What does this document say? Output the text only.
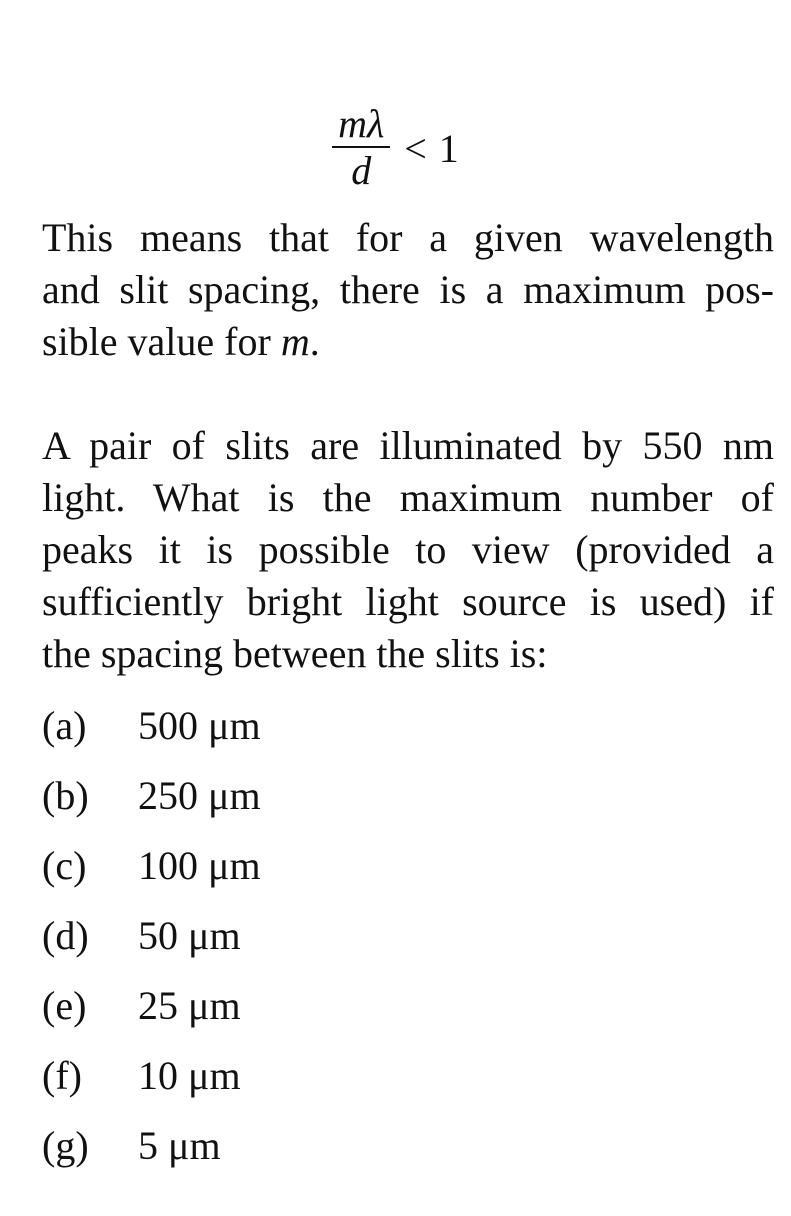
$\frac{m\lambda}{d} < 1$

This means that for a given wavelength
and slit spacing, there is a maximum pos-
sible value for m.

A pair of slits are illuminated by 550 nm
light. What is the maximum number of
peaks it is possible to view (provided a
sufficiently bright light source is used) if
the spacing between the slits is:

(a)	500 μm
(b)	250 μm
(c)	100 μm
(d)	50 μm
(e)	25 μm
(f)	10 μm
(g)	5 μm
